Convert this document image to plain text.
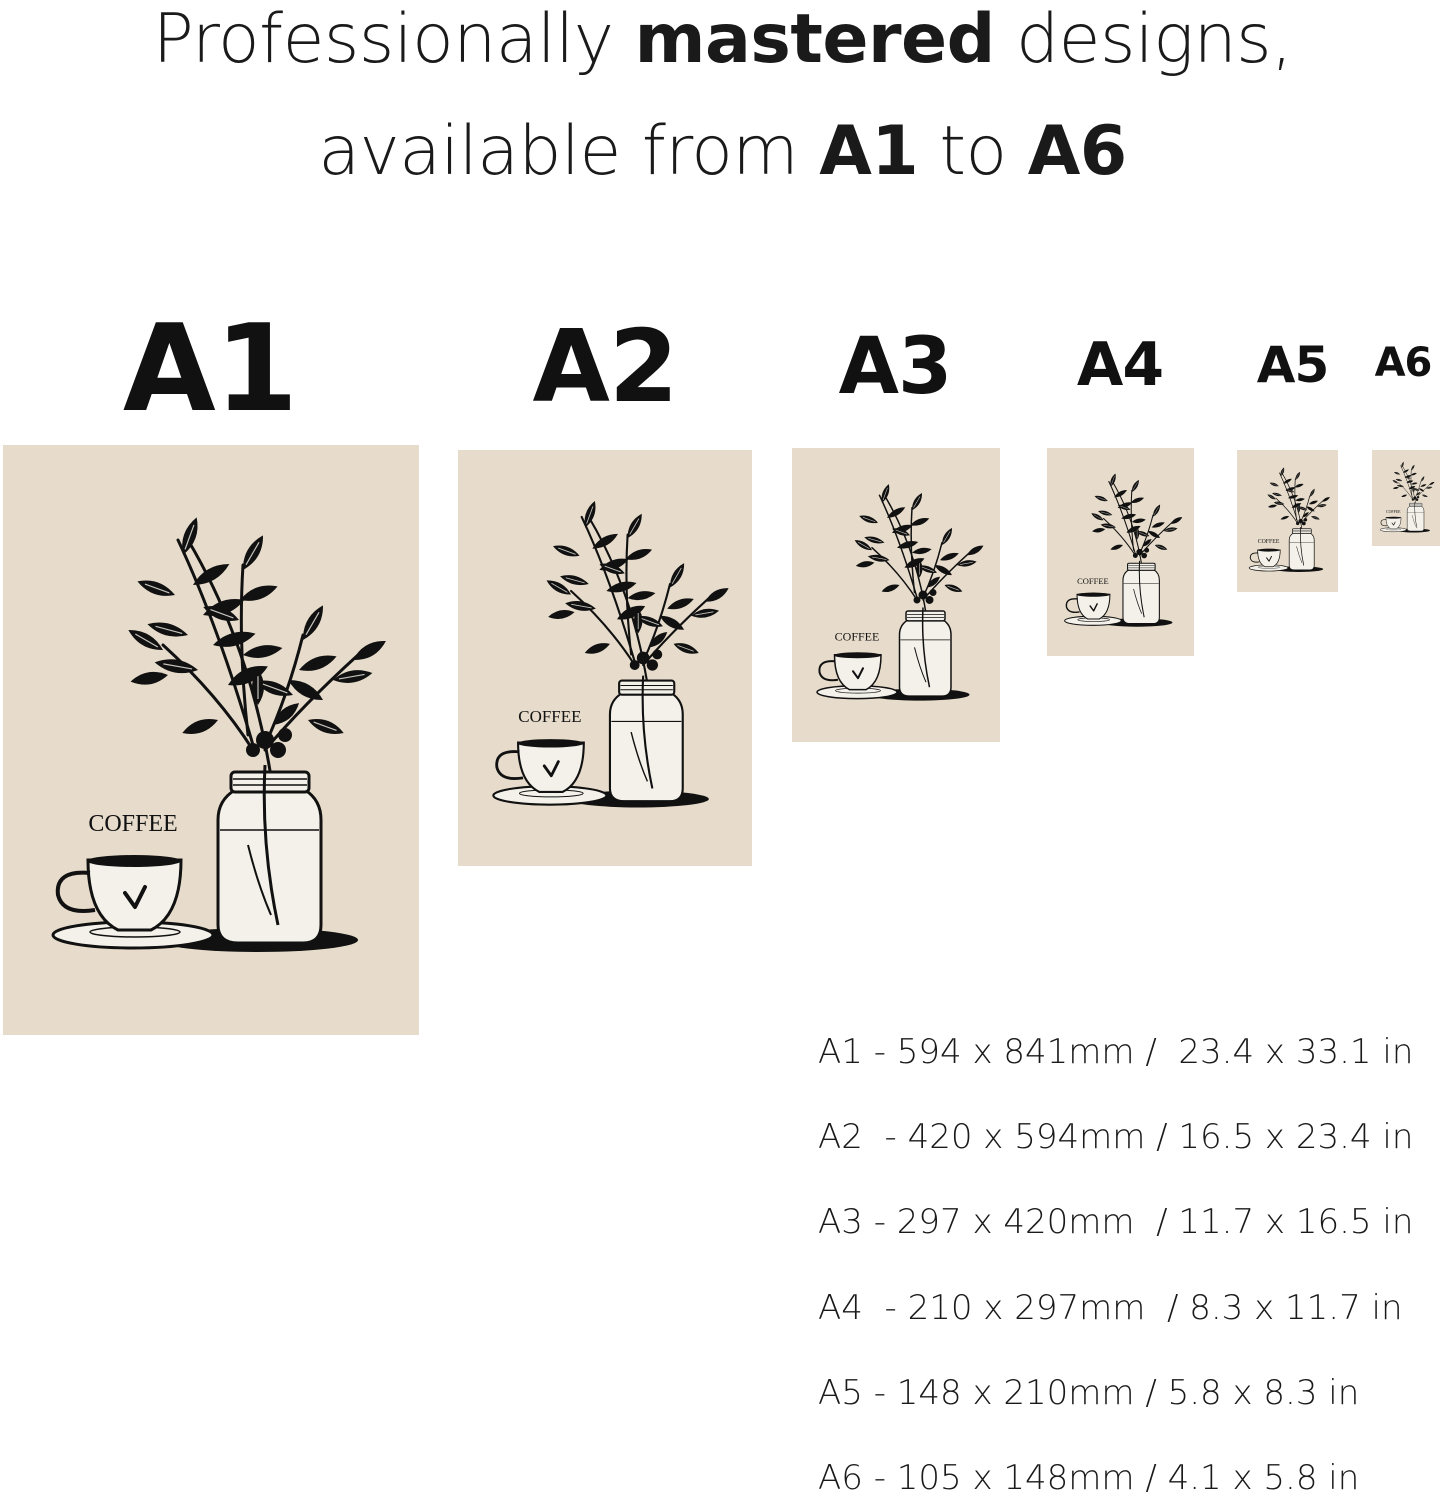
Professionally mastered designs,
available from A1 to A6
A1 A2	A3	A4	A5 A6
COFFEE
COFFEE
COFFEE
COFFEE
COFFEE
COFFEE
A1 - 594 x 841mm /  23.4 x 33.1 in
A2  - 420 x 594mm / 16.5 x 23.4 in
A3 - 297 x 420mm  / 11.7 x 16.5 in
A4  - 210 x 297mm  / 8.3 x 11.7 in
A5 - 148 x 210mm / 5.8 x 8.3 in
A6 - 105 x 148mm / 4.1 x 5.8 in
